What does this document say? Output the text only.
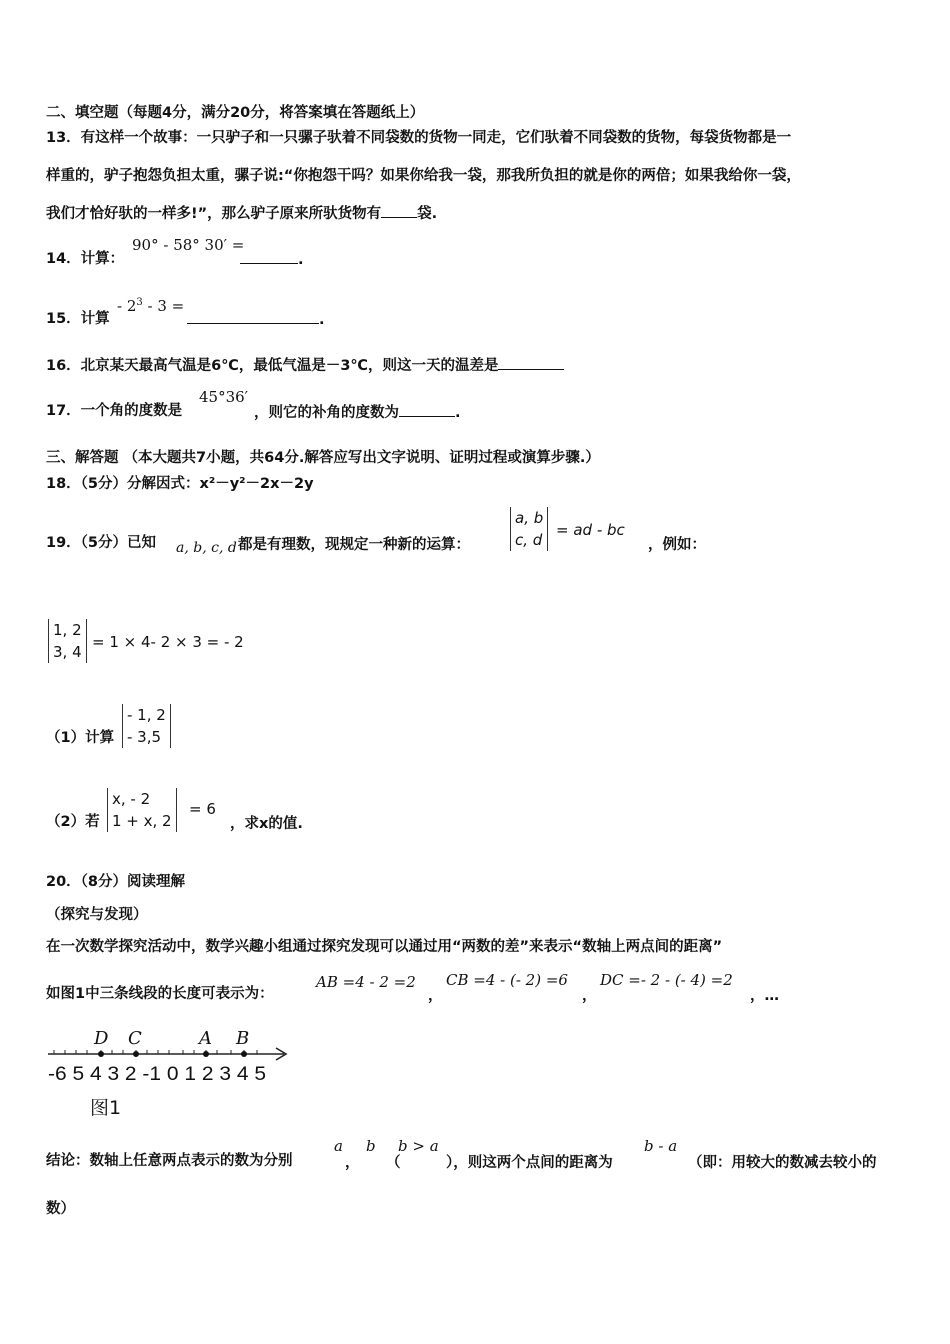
二、填空题（每题4分，满分20分，将答案填在答题纸上）
13．有这样一个故事：一只驴子和一只骡子驮着不同袋数的货物一同走，它们驮着不同袋数的货物，每袋货物都是一
样重的，驴子抱怨负担太重，骡子说:“你抱怨干吗？如果你给我一袋，那我所负担的就是你的两倍；如果我给你一袋，
我们才恰好驮的一样多!”，那么驴子原来所驮货物有 袋.
14．计算：
90° - 58° 30′ =
.
15．计算
- $2^3 - 3$ =
.
16．北京某天最高气温是6℃，最低气温是－3℃，则这一天的温差是
17．一个角的度数是
45°36′
，则它的补角的度数为	.
三、解答题 （本大题共7小题，共64分.解答应写出文字说明、证明过程或演算步骤.）
18．（5分）分解因式：x²－y²－2x－2y
19．（5分）已知 a, b, c, d 都是有理数，现规定一种新的运算：
a, b
c, d
= ad - bc
，例如：
1, 2
3, 4
= 1 × 4- 2 × 3 = - 2
（1）计算
- 1, 2
- 3,5
（2）若
x, - 2
1 + x, 2
= 6
，求x的值.
20．（8分）阅读理解
（探究与发现）
在一次数学探究活动中，数学兴趣小组通过探究发现可以通过用“两数的差”来表示“数轴上两点间的距离”
如图1中三条线段的长度可表示为：
AB =4 - 2 =2
，
CB =4 - (- 2) =6
，
DC =- 2 - (- 4) =2
，…
D C	A B
-6 5 4 3 2 -1 0 1 2 3 4 5
图1
结论：数轴上任意两点表示的数为分别
a
，
b
（
b > a
），则这两个点间的距离为
b - a
（即：用较大的数减去较小的
数）
